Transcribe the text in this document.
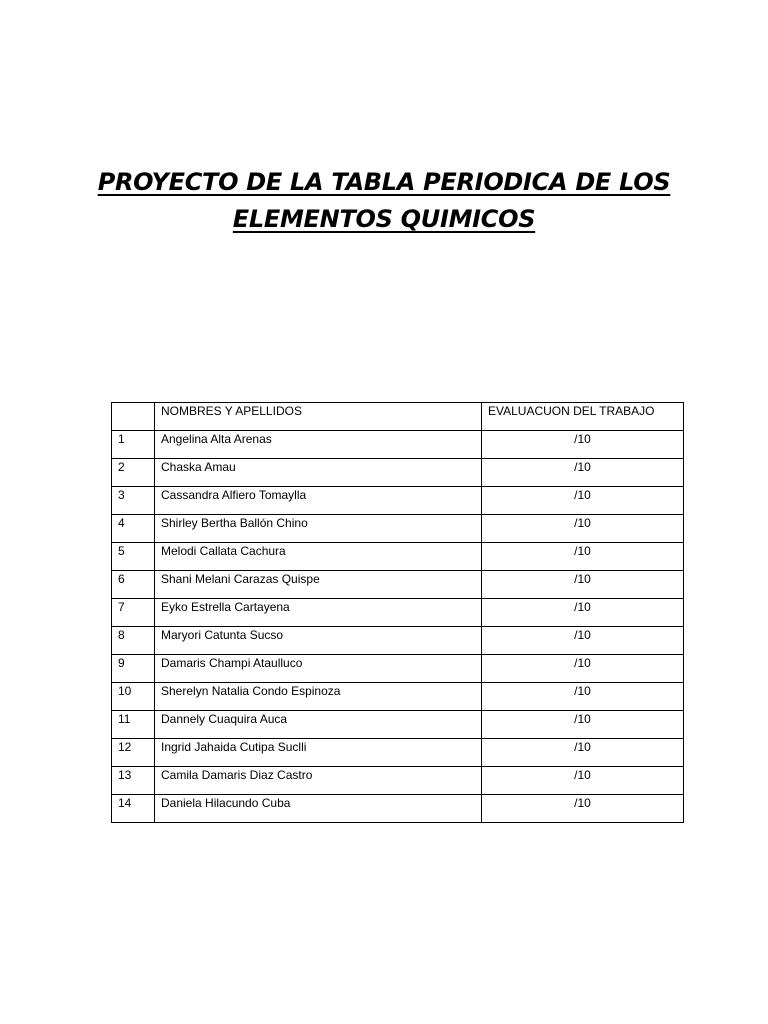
PROYECTO DE LA TABLA PERIODICA DE LOS
ELEMENTOS QUIMICOS
	NOMBRES Y APELLIDOS	EVALUACUON DEL TRABAJO
1	Angelina Alta Arenas	/10
2	Chaska Amau	/10
3	Cassandra Alfiero Tomaylla	/10
4	Shirley Bertha Ballón Chino	/10
5	Melodi Callata Cachura	/10
6	Shani Melani Carazas Quispe	/10
7	Eyko Estrella Cartayena	/10
8	Maryori Catunta Sucso	/10
9	Damaris Champi Ataulluco	/10
10	Sherelyn Natalia Condo Espinoza	/10
11	Dannely Cuaquira Auca	/10
12	Ingrid Jahaida Cutipa Suclli	/10
13	Camila Damaris Diaz Castro	/10
14	Daniela Hilacundo Cuba	/10
